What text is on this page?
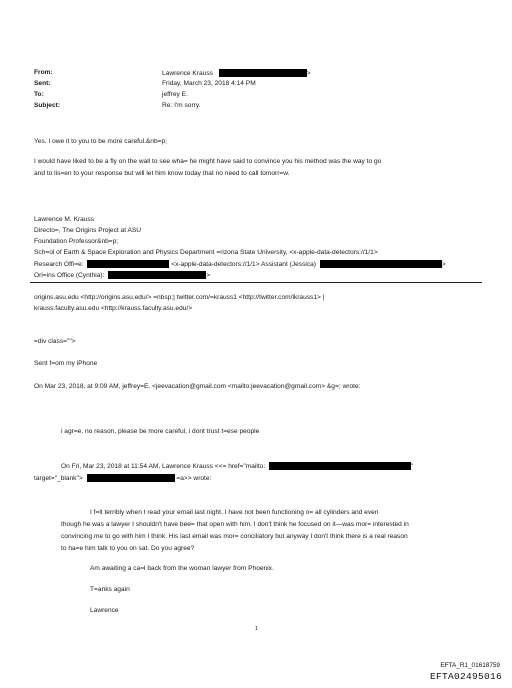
From:	Lawrence Krauss	>
Sent:	Friday, March 23, 2018 4:14 PM
To:	jeffrey E.
Subject:	Re: I'm sorry.
Yes. I owe it to you to be more careful.&nb=p;
I would have liked to be a fly on the wall to see wha= he might have said to convince you his method was the way to go
and to lis=en to your response but will let him know today that no need to call tomorr=w.
Lawrence M. Krauss
Directo=, The Origins Project at ASU
Foundation Professor&nb=p;
Sch=ol of Earth & Space Exploration and Physics Department =rizona State University, <x-apple-data-detectors://1/1>
Research Offi=e:	<x-apple-data-detectors://1/1> Assistant (Jessica)	>
Ori=ins Office (Cynthia):	>
origins.asu.edu <http://origins.asu.edu/> =nbsp;| twitter.com/=krauss1 <http://twitter.com/lkrauss1> |
krauss.faculty.asu.edu <http://krauss.faculty.asu.edu/>
=div class="">
Sent f=om my iPhone
On Mar 23, 2018, at 9:09 AM, jeffrey=E. <jeevacation@gmail.com <mailto:jeevacation@gmail.com> &g=; wrote:
i agr=e, no reason, please be more careful, i dont trust t=ese people
On Fri, Mar 23, 2018 at 11:54 AM, Lawrence Krauss <<= href="mailto:	"
target="_blank">	=a>> wrote:
I f=lt terribly when I read your email last night. I have not been functioning o= all cylinders and even
though he was a lawyer I shouldn't have bee= that open with him. I don't think he focused on it—was mor= interested in
convincing me to go with him I think. His last email was mor= conciliatory but anyway I don't think there is a real reason
to ha=e him talk to you on sat. Do you agree?
Am awaiting a ca=l back from the woman lawyer from Phoenix.
T=anks again
Lawrence
1
EFTA_R1_01618759
EFTA02495016
